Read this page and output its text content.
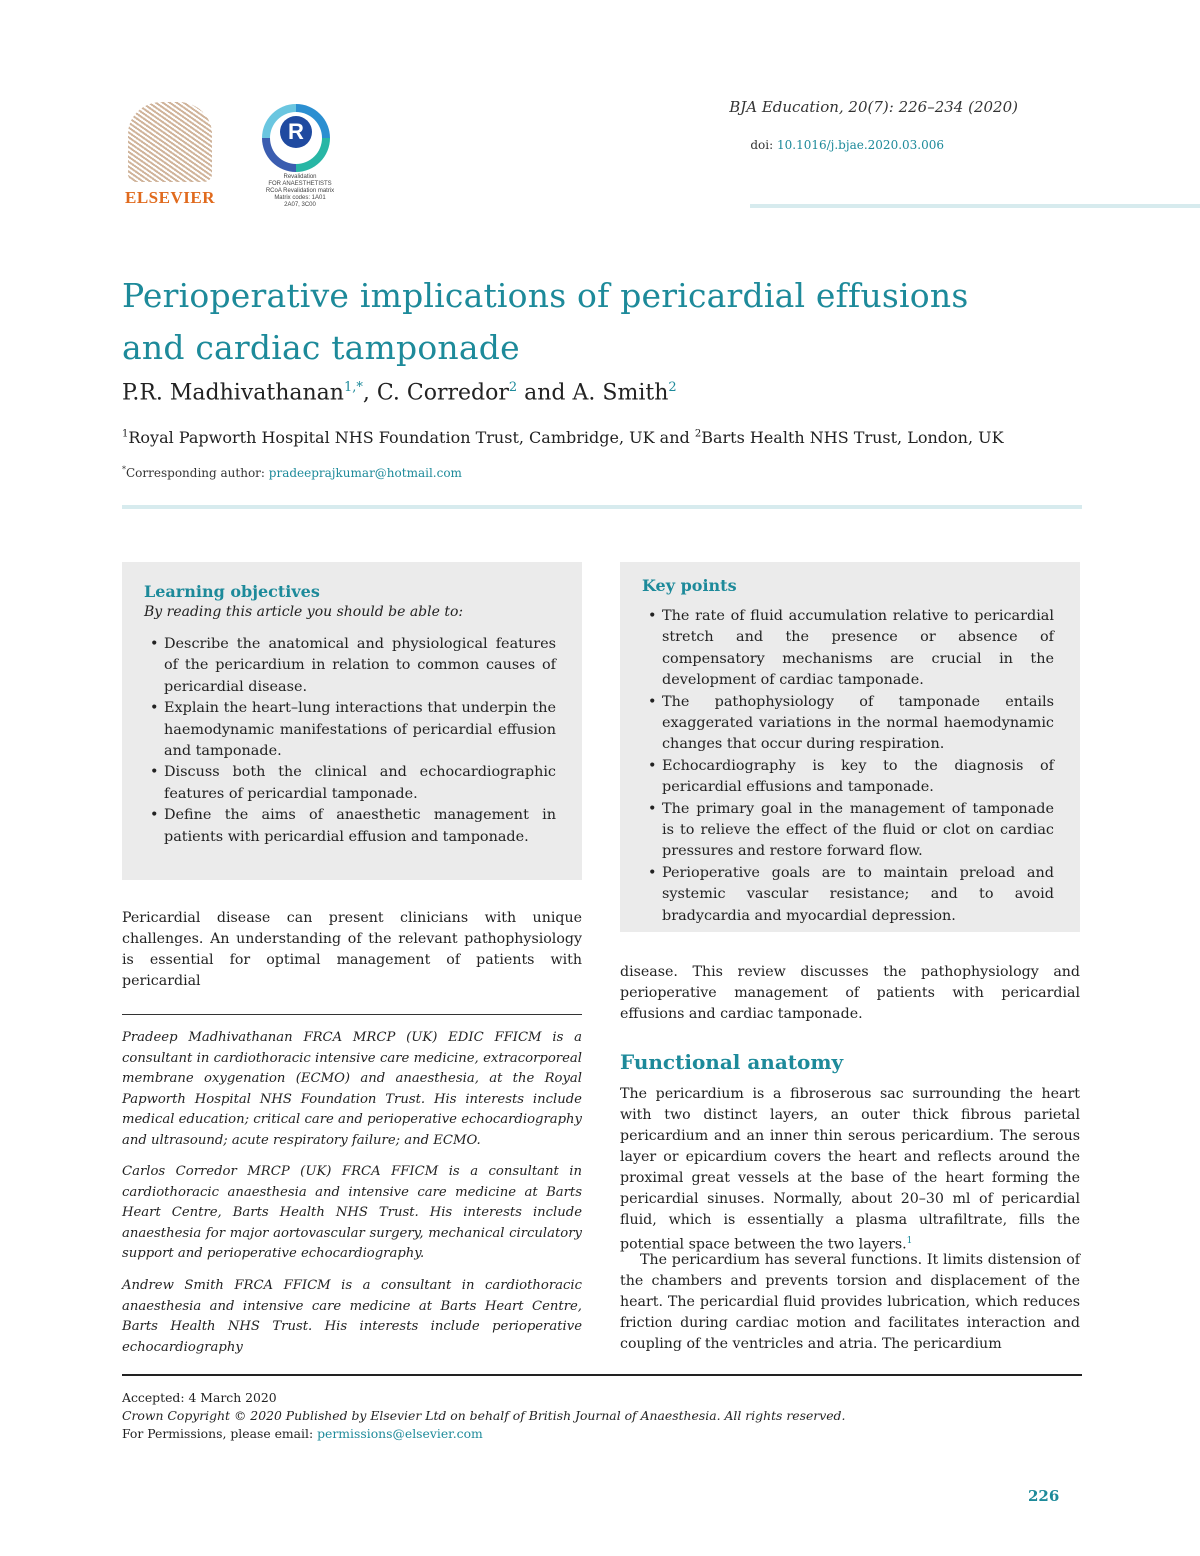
ELSEVIER
R
Revalidation
FOR ANAESTHETISTS
RCoA Revalidation matrix
Matrix codes: 1A01
2A07, 3C00
BJA Education, 20(7): 226–234 (2020)
doi: 10.1016/j.bjae.2020.03.006
Perioperative implications of pericardial effusions
and cardiac tamponade
P.R. Madhivathanan$^{1,*}$, C. Corredor$^2$ and A. Smith$^2$
$^1$Royal Papworth Hospital NHS Foundation Trust, Cambridge, UK and $^2$Barts Health NHS Trust, London, UK
*Corresponding author: pradeeprajkumar@hotmail.com
Learning objectives
By reading this article you should be able to:
• Describe the anatomical and physiological features of the pericardium in relation to common causes of pericardial disease.
• Explain the heart–lung interactions that underpin the haemodynamic manifestations of pericardial effusion and tamponade.
• Discuss both the clinical and echocardiographic features of pericardial tamponade.
• Define the aims of anaesthetic management in patients with pericardial effusion and tamponade.
Key points
• The rate of fluid accumulation relative to pericardial stretch and the presence or absence of compensatory mechanisms are crucial in the development of cardiac tamponade.
• The pathophysiology of tamponade entails exaggerated variations in the normal haemodynamic changes that occur during respiration.
• Echocardiography is key to the diagnosis of pericardial effusions and tamponade.
• The primary goal in the management of tamponade is to relieve the effect of the fluid or clot on cardiac pressures and restore forward flow.
• Perioperative goals are to maintain preload and systemic vascular resistance; and to avoid bradycardia and myocardial depression.
Pericardial disease can present clinicians with unique challenges. An understanding of the relevant pathophysiology is essential for optimal management of patients with pericardial
Pradeep Madhivathanan FRCA MRCP (UK) EDIC FFICM is a consultant in cardiothoracic intensive care medicine, extracorporeal membrane oxygenation (ECMO) and anaesthesia, at the Royal Papworth Hospital NHS Foundation Trust. His interests include medical education; critical care and perioperative echocardiography and ultrasound; acute respiratory failure; and ECMO.
Carlos Corredor MRCP (UK) FRCA FFICM is a consultant in cardiothoracic anaesthesia and intensive care medicine at Barts Heart Centre, Barts Health NHS Trust. His interests include anaesthesia for major aortovascular surgery, mechanical circulatory support and perioperative echocardiography.
Andrew Smith FRCA FFICM is a consultant in cardiothoracic anaesthesia and intensive care medicine at Barts Heart Centre, Barts Health NHS Trust. His interests include perioperative echocardiography
disease. This review discusses the pathophysiology and perioperative management of patients with pericardial effusions and cardiac tamponade.
Functional anatomy
The pericardium is a fibroserous sac surrounding the heart with two distinct layers, an outer thick fibrous parietal pericardium and an inner thin serous pericardium. The serous layer or epicardium covers the heart and reflects around the proximal great vessels at the base of the heart forming the pericardial sinuses. Normally, about 20–30 ml of pericardial fluid, which is essentially a plasma ultrafiltrate, fills the potential space between the two layers.$^1$
The pericardium has several functions. It limits distension of the chambers and prevents torsion and displacement of the heart. The pericardial fluid provides lubrication, which reduces friction during cardiac motion and facilitates interaction and coupling of the ventricles and atria. The pericardium
Accepted: 4 March 2020
Crown Copyright © 2020 Published by Elsevier Ltd on behalf of British Journal of Anaesthesia. All rights reserved.
For Permissions, please email: permissions@elsevier.com
226
